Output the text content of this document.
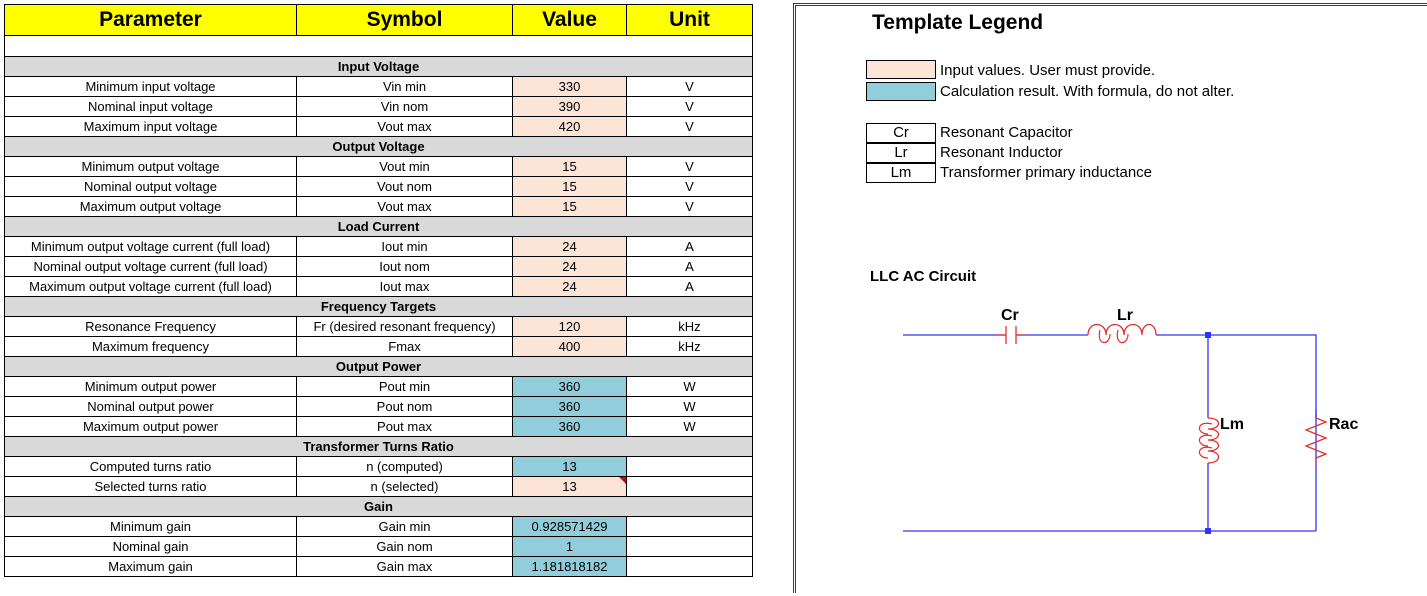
Parameter	Symbol	Value	Unit

Input Voltage			
Minimum input voltage	Vin min	330	V
Nominal input voltage	Vin nom	390	V
Maximum input voltage	Vout max	420	V
Output Voltage			
Minimum output voltage	Vout min	15	V
Nominal output voltage	Vout nom	15	V
Maximum output voltage	Vout max	15	V
Load Current			
Minimum output voltage current (full load)	Iout min	24	A
Nominal output voltage current (full load)	Iout nom	24	A
Maximum output voltage current (full load)	Iout max	24	A
Frequency Targets			
Resonance Frequency	Fr (desired resonant frequency)	120	kHz
Maximum frequency	Fmax	400	kHz
Output Power			
Minimum output power	Pout min	360	W
Nominal output power	Pout nom	360	W
Maximum output power	Pout max	360	W
Transformer Turns Ratio			
Computed turns ratio	n (computed)	13	
Selected turns ratio	n (selected)	13

Gain			
Minimum gain	Gain min	0.928571429	
Nominal gain	Gain nom	1	
Maximum gain	Gain max	1.181818182	
Template Legend
Input values. User must provide.
Calculation result. With formula, do not alter.
Cr	Resonant Capacitor
Lr	Resonant Inductor
Lm	Transformer primary inductance
LLC AC Circuit
Cr	Lr
Lm	Rac
